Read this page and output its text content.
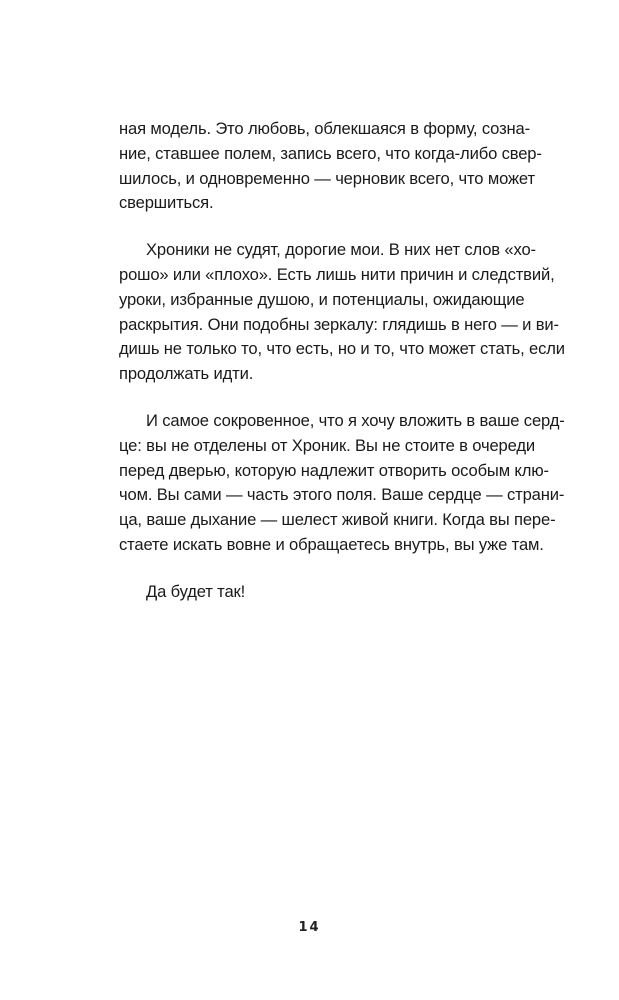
ная модель. Это любовь, облекшаяся в форму, созна-
ние, ставшее полем, запись всего, что когда-либо свер-
шилось, и одновременно — черновик всего, что может
свершиться.
Хроники не судят, дорогие мои. В них нет слов «хо-
рошо» или «плохо». Есть лишь нити причин и следствий,
уроки, избранные душою, и потенциалы, ожидающие
раскрытия. Они подобны зеркалу: глядишь в него — и ви-
дишь не только то, что есть, но и то, что может стать, если
продолжать идти.
И самое сокровенное, что я хочу вложить в ваше серд-
це: вы не отделены от Хроник. Вы не стоите в очереди
перед дверью, которую надлежит отворить особым клю-
чом. Вы сами — часть этого поля. Ваше сердце — страни-
ца, ваше дыхание — шелест живой книги. Когда вы пере-
стаете искать вовне и обращаетесь внутрь, вы уже там.
Да будет так!
14
